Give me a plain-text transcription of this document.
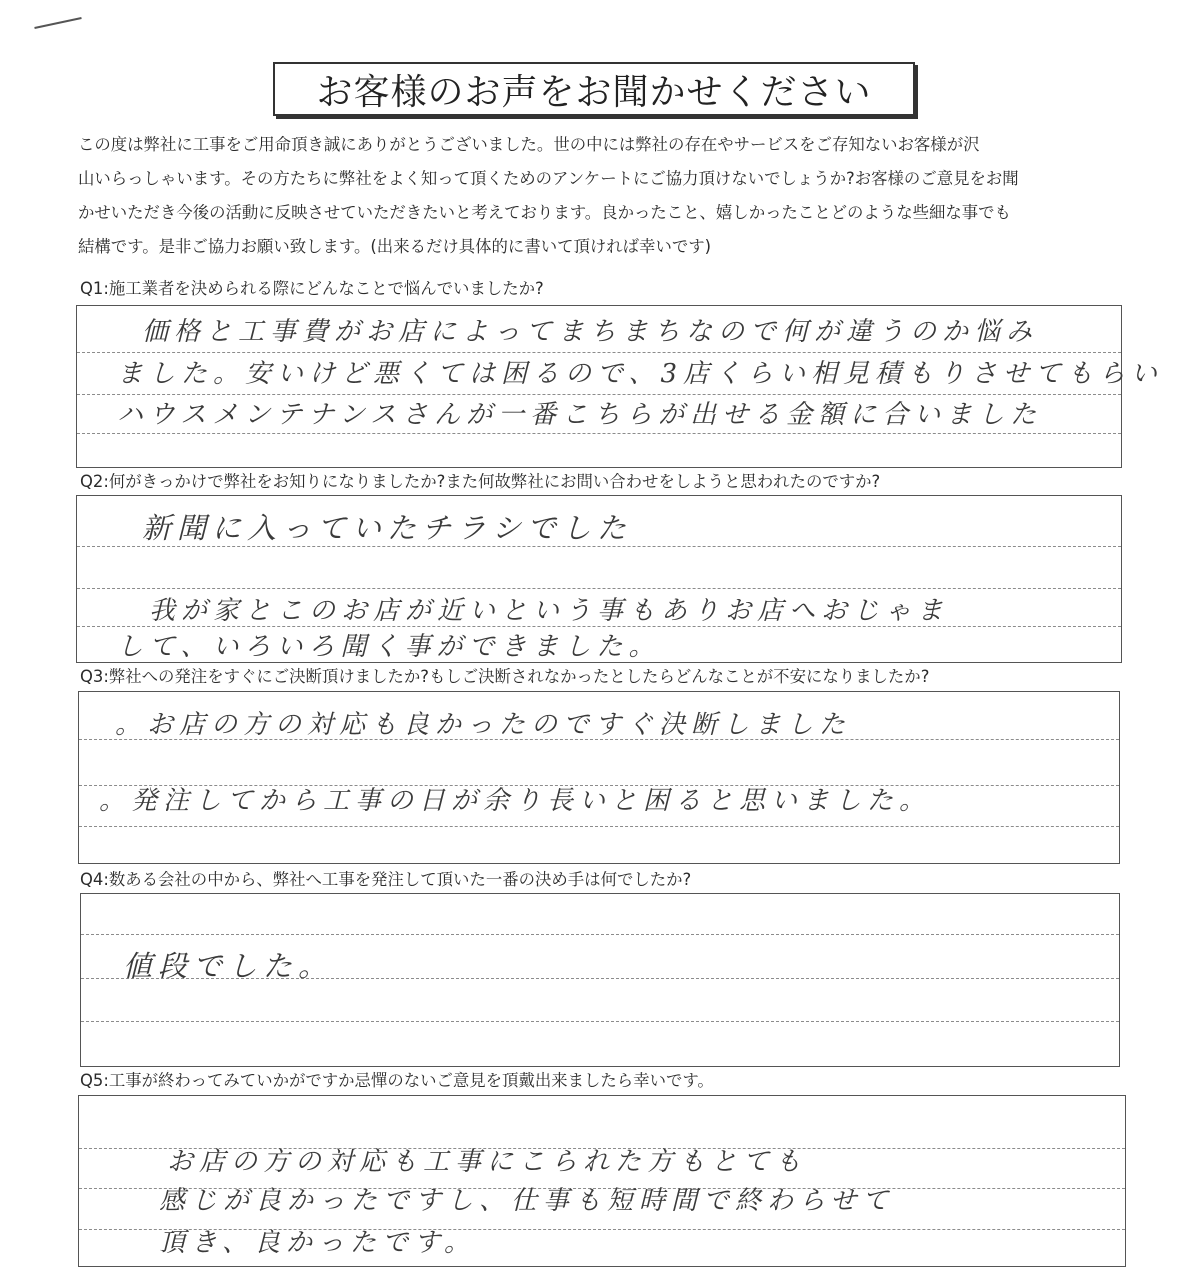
お客様のお声をお聞かせください
この度は弊社に工事をご用命頂き誠にありがとうございました。世の中には弊社の存在やサービスをご存知ないお客様が沢
山いらっしゃいます。その方たちに弊社をよく知って頂くためのアンケートにご協力頂けないでしょうか?お客様のご意見をお聞
かせいただき今後の活動に反映させていただきたいと考えております。良かったこと、嬉しかったことどのような些細な事でも
結構です。是非ご協力お願い致します。(出来るだけ具体的に書いて頂ければ幸いです)
Q1:施工業者を決められる際にどんなことで悩んでいましたか?
価格と工事費がお店によってまちまちなので何が違うのか悩み
ました。安いけど悪くては困るので、3店くらい相見積もりさせてもらい
ハウスメンテナンスさんが一番こちらが出せる金額に合いました
Q2:何がきっかけで弊社をお知りになりましたか?また何故弊社にお問い合わせをしようと思われたのですか?
新聞に入っていたチラシでした
我が家とこのお店が近いという事もありお店へおじゃま
して、いろいろ聞く事ができました。
Q3:弊社への発注をすぐにご決断頂けましたか?もしご決断されなかったとしたらどんなことが不安になりましたか?
。お店の方の対応も良かったのですぐ決断しました
。発注してから工事の日が余り長いと困ると思いました。
Q4:数ある会社の中から、弊社へ工事を発注して頂いた一番の決め手は何でしたか?
値段でした。
Q5:工事が終わってみていかがですか忌憚のないご意見を頂戴出来ましたら幸いです。
お店の方の対応も工事にこられた方もとても
感じが良かったですし、仕事も短時間で終わらせて
頂き、良かったです。
